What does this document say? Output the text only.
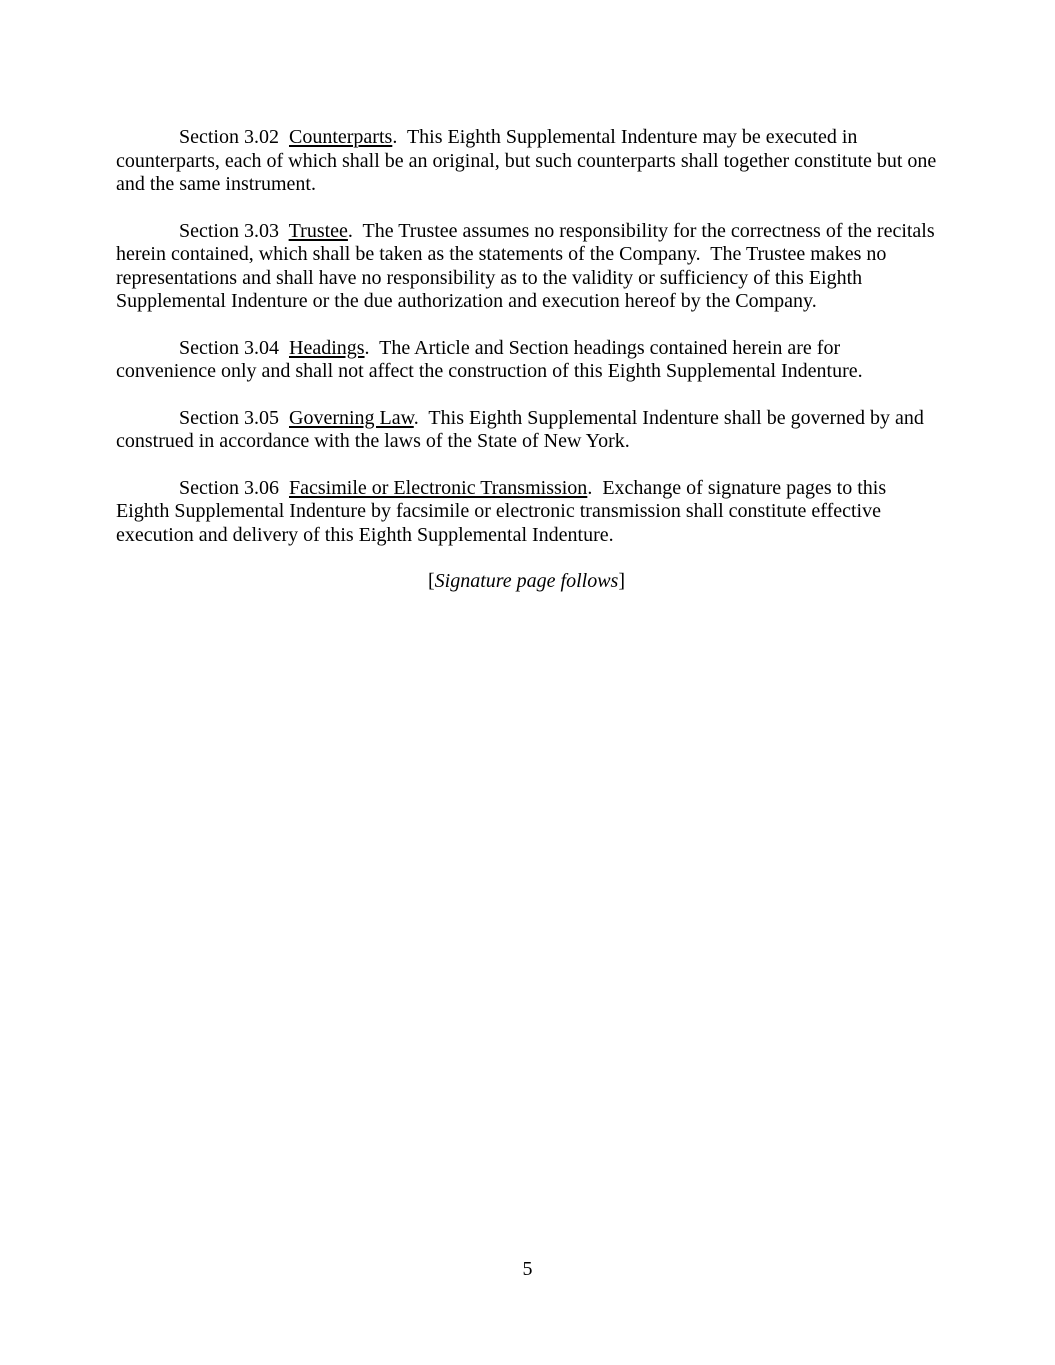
Section 3.02  Counterparts.  This Eighth Supplemental Indenture may be executed in counterparts, each of which shall be an original, but such counterparts shall together constitute but one and the same instrument.

Section 3.03  Trustee.  The Trustee assumes no responsibility for the correctness of the recitals herein contained, which shall be taken as the statements of the Company.  The Trustee makes no representations and shall have no responsibility as to the validity or sufficiency of this Eighth Supplemental Indenture or the due authorization and execution hereof by the Company.

Section 3.04  Headings.  The Article and Section headings contained herein are for convenience only and shall not affect the construction of this Eighth Supplemental Indenture.

Section 3.05  Governing Law.  This Eighth Supplemental Indenture shall be governed by and construed in accordance with the laws of the State of New York.

Section 3.06  Facsimile or Electronic Transmission.  Exchange of signature pages to this Eighth Supplemental Indenture by facsimile or electronic transmission shall constitute effective execution and delivery of this Eighth Supplemental Indenture.

[Signature page follows]

5
